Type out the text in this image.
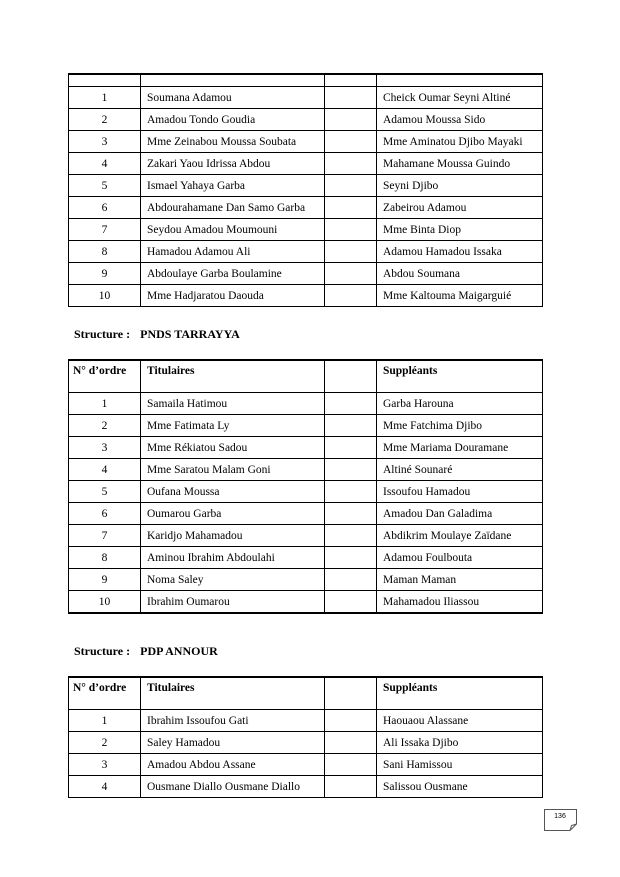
1	Soumana Adamou		Cheick Oumar Seyni Altiné
2	Amadou Tondo Goudia		Adamou Moussa Sido
3	Mme Zeinabou Moussa Soubata		Mme Aminatou Djibo Mayaki
4	Zakari Yaou Idrissa Abdou		Mahamane Moussa Guindo
5	Ismael Yahaya Garba		Seyni Djibo
6	Abdourahamane Dan Samo Garba		Zabeirou Adamou
7	Seydou Amadou Moumouni		Mme Binta Diop
8	Hamadou Adamou Ali		Adamou Hamadou Issaka
9	Abdoulaye Garba Boulamine		Abdou Soumana
10	Mme Hadjaratou Daouda		Mme Kaltouma Maigarguié
Structure : PNDS TARRAYYA
N° d’ordre	Titulaires		Suppléants
1	Samaila Hatimou		Garba Harouna
2	Mme Fatimata Ly		Mme Fatchima Djibo
3	Mme Rékiatou Sadou		Mme Mariama Douramane
4	Mme Saratou Malam Goni		Altiné Sounaré
5	Oufana Moussa		Issoufou Hamadou
6	Oumarou Garba		Amadou Dan Galadima
7	Karidjo Mahamadou		Abdikrim Moulaye Zaïdane
8	Aminou Ibrahim Abdoulahi		Adamou Foulbouta
9	Noma Saley		Maman Maman
10	Ibrahim Oumarou		Mahamadou Iliassou
Structure : PDP ANNOUR
N° d’ordre	Titulaires		Suppléants
1	Ibrahim Issoufou Gati		Haouaou Alassane
2	Saley Hamadou		Ali Issaka Djibo
3	Amadou Abdou Assane		Sani Hamissou
4	Ousmane Diallo Ousmane Diallo		Salissou Ousmane
136
